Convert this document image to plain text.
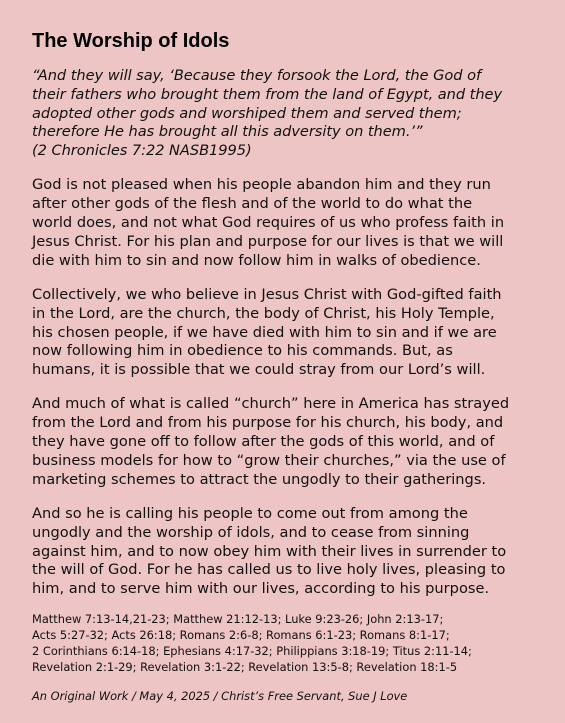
The Worship of Idols
“And they will say, ‘Because they forsook the Lord, the God of
their fathers who brought them from the land of Egypt, and they
adopted other gods and worshiped them and served them;
therefore He has brought all this adversity on them.’”
(2 Chronicles 7:22 NASB1995)
God is not pleased when his people abandon him and they run
after other gods of the flesh and of the world to do what the
world does, and not what God requires of us who profess faith in
Jesus Christ. For his plan and purpose for our lives is that we will
die with him to sin and now follow him in walks of obedience.
Collectively, we who believe in Jesus Christ with God-gifted faith
in the Lord, are the church, the body of Christ, his Holy Temple,
his chosen people, if we have died with him to sin and if we are
now following him in obedience to his commands. But, as
humans, it is possible that we could stray from our Lord’s will.
And much of what is called “church” here in America has strayed
from the Lord and from his purpose for his church, his body, and
they have gone off to follow after the gods of this world, and of
business models for how to “grow their churches,” via the use of
marketing schemes to attract the ungodly to their gatherings.
And so he is calling his people to come out from among the
ungodly and the worship of idols, and to cease from sinning
against him, and to now obey him with their lives in surrender to
the will of God. For he has called us to live holy lives, pleasing to
him, and to serve him with our lives, according to his purpose.
Matthew 7:13-14,21-23; Matthew 21:12-13; Luke 9:23-26; John 2:13-17;
Acts 5:27-32; Acts 26:18; Romans 2:6-8; Romans 6:1-23; Romans 8:1-17;
2 Corinthians 6:14-18; Ephesians 4:17-32; Philippians 3:18-19; Titus 2:11-14;
Revelation 2:1-29; Revelation 3:1-22; Revelation 13:5-8; Revelation 18:1-5
An Original Work / May 4, 2025 / Christ’s Free Servant, Sue J Love
